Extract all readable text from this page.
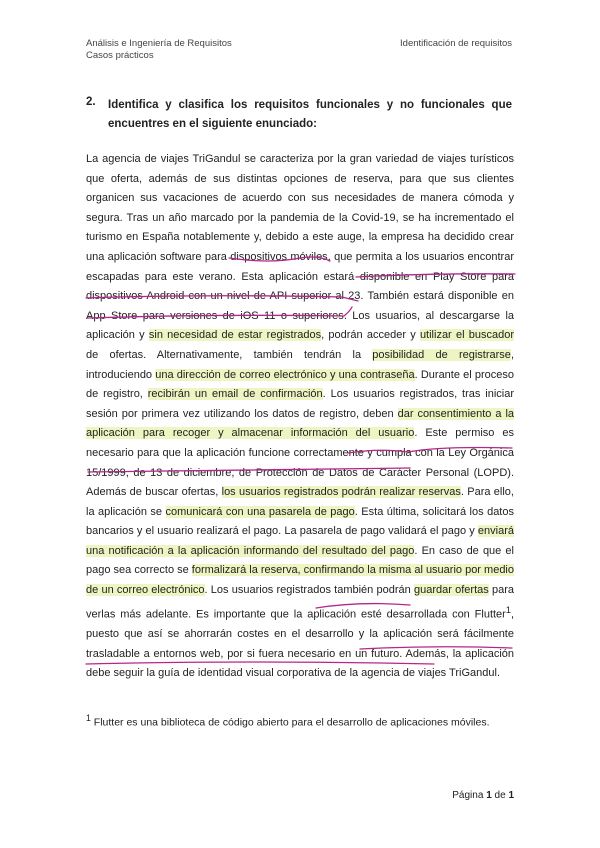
Análisis e Ingeniería de Requisitos
Casos prácticos
Identificación de requisitos
2. Identifica y clasifica los requisitos funcionales y no funcionales que encuentres en el siguiente enunciado:
La agencia de viajes TriGandul se caracteriza por la gran variedad de viajes turísticos que oferta, además de sus distintas opciones de reserva, para que sus clientes organicen sus vacaciones de acuerdo con sus necesidades de manera cómoda y segura. Tras un año marcado por la pandemia de la Covid-19, se ha incrementado el turismo en España notablemente y, debido a este auge, la empresa ha decidido crear una aplicación software para dispositivos móviles, que permita a los usuarios encontrar escapadas para este verano. Esta aplicación estará disponible en Play Store para dispositivos Android con un nivel de API superior al 23. También estará disponible en App Store para versiones de iOS 11 o superiores. Los usuarios, al descargarse la aplicación y sin necesidad de estar registrados, podrán acceder y utilizar el buscador de ofertas. Alternativamente, también tendrán la posibilidad de registrarse, introduciendo una dirección de correo electrónico y una contraseña. Durante el proceso de registro, recibirán un email de confirmación. Los usuarios registrados, tras iniciar sesión por primera vez utilizando los datos de registro, deben dar consentimiento a la aplicación para recoger y almacenar información del usuario. Este permiso es necesario para que la aplicación funcione correctamente y cumpla con la Ley Orgánica 15/1999, de 13 de diciembre, de Protección de Datos de Carácter Personal (LOPD). Además de buscar ofertas, los usuarios registrados podrán realizar reservas. Para ello, la aplicación se comunicará con una pasarela de pago. Esta última, solicitará los datos bancarios y el usuario realizará el pago. La pasarela de pago validará el pago y enviará una notificación a la aplicación informando del resultado del pago. En caso de que el pago sea correcto se formalizará la reserva, confirmando la misma al usuario por medio de un correo electrónico. Los usuarios registrados también podrán guardar ofertas para verlas más adelante. Es importante que la aplicación esté desarrollada con Flutter$^1$, puesto que así se ahorrarán costes en el desarrollo y la aplicación será fácilmente trasladable a entornos web, por si fuera necesario en un futuro. Además, la aplicación debe seguir la guía de identidad visual corporativa de la agencia de viajes TriGandul.
$^1$ Flutter es una biblioteca de código abierto para el desarrollo de aplicaciones móviles.
Página 1 de 1
